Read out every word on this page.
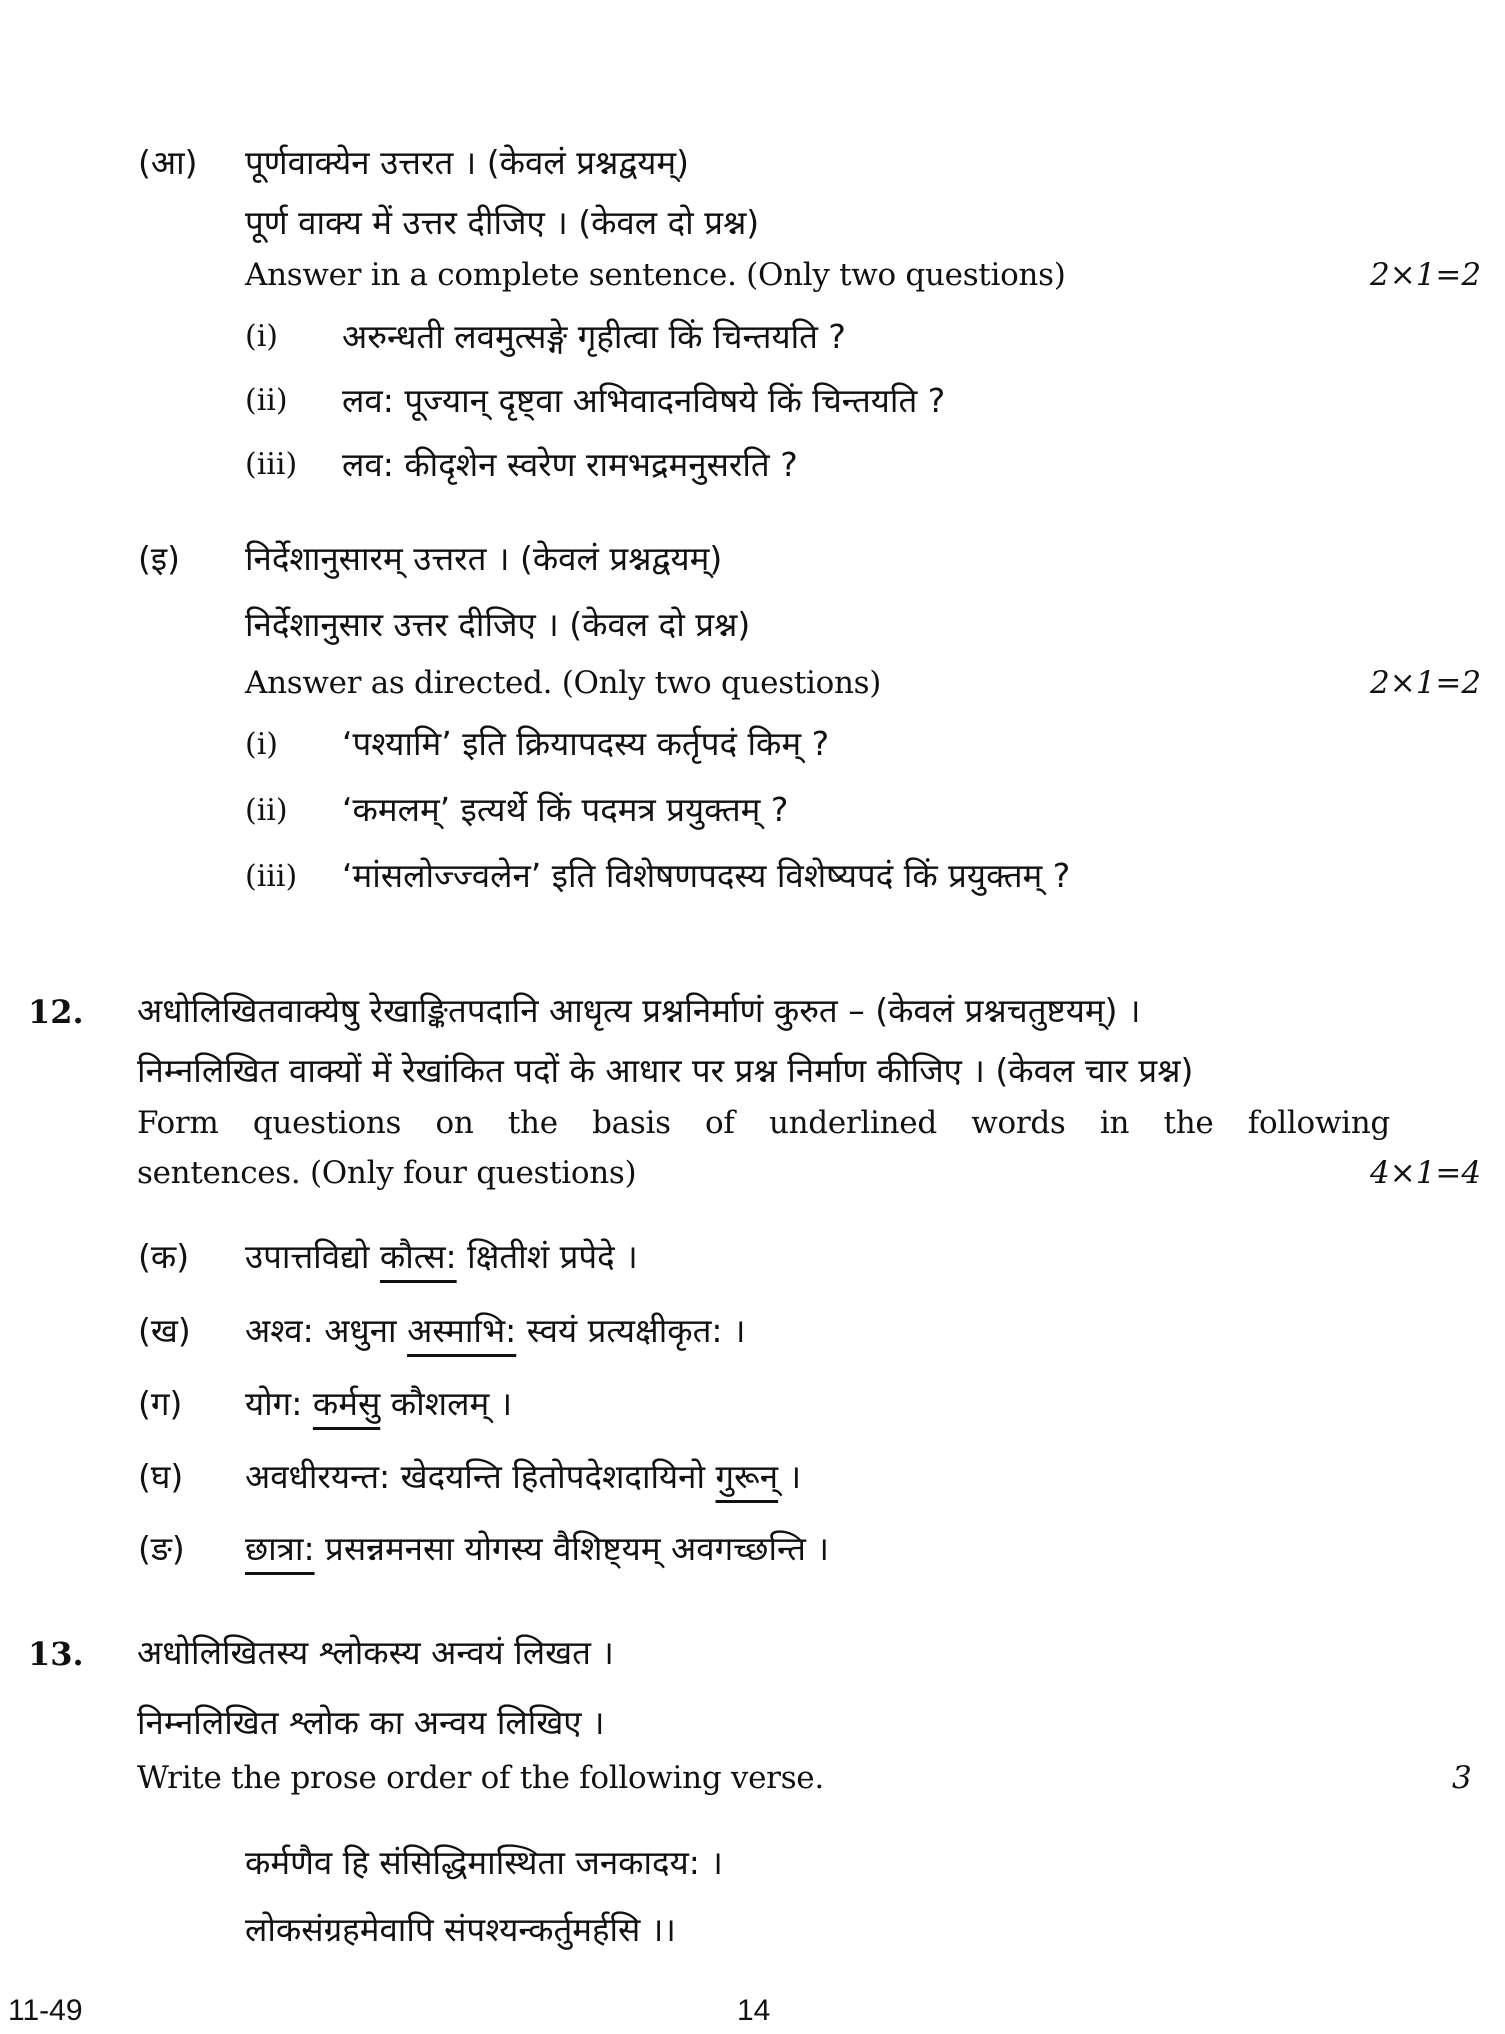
(आ) पूर्णवाक्येन उत्तरत । (केवलं प्रश्नद्वयम्)
पूर्ण वाक्य में उत्तर दीजिए । (केवल दो प्रश्न)
Answer in a complete sentence. (Only two questions)	2×1=2
(i) अरुन्धती लवमुत्सङ्गे गृहीत्वा किं चिन्तयति ?
(ii) लव: पूज्यान् दृष्ट्वा अभिवादनविषये किं चिन्तयति ?
(iii) लव: कीदृशेन स्वरेण रामभद्रमनुसरति ?
(इ) निर्देशानुसारम् उत्तरत । (केवलं प्रश्नद्वयम्)
निर्देशानुसार उत्तर दीजिए । (केवल दो प्रश्न)
Answer as directed. (Only two questions)	2×1=2
(i) ‘पश्यामि’ इति क्रियापदस्य कर्तृपदं किम् ?
(ii) ‘कमलम्’ इत्यर्थे किं पदमत्र प्रयुक्तम् ?
(iii) ‘मांसलोज्ज्वलेन’ इति विशेषणपदस्य विशेष्यपदं किं प्रयुक्तम् ?
12. अधोलिखितवाक्येषु रेखाङ्कितपदानि आधृत्य प्रश्ननिर्माणं कुरुत – (केवलं प्रश्नचतुष्टयम्) ।
निम्नलिखित वाक्यों में रेखांकित पदों के आधार पर प्रश्न निर्माण कीजिए । (केवल चार प्रश्न)
Form questions on the basis of underlined words in the following
sentences. (Only four questions)	4×1=4
(क) उपात्तविद्यो कौत्स: क्षितीशं प्रपेदे ।
(ख) अश्व: अधुना अस्माभि: स्वयं प्रत्यक्षीकृत: ।
(ग) योग: कर्मसु कौशलम् ।
(घ) अवधीरयन्त: खेदयन्ति हितोपदेशदायिनो गुरून् ।
(ङ) छात्रा: प्रसन्नमनसा योगस्य वैशिष्ट्यम् अवगच्छन्ति ।
13. अधोलिखितस्य श्लोकस्य अन्वयं लिखत ।
निम्नलिखित श्लोक का अन्वय लिखिए ।
Write the prose order of the following verse.	3
कर्मणैव हि संसिद्धिमास्थिता जनकादय: ।
लोकसंग्रहमेवापि संपश्यन्कर्तुमर्हसि ।।
11-49	14
